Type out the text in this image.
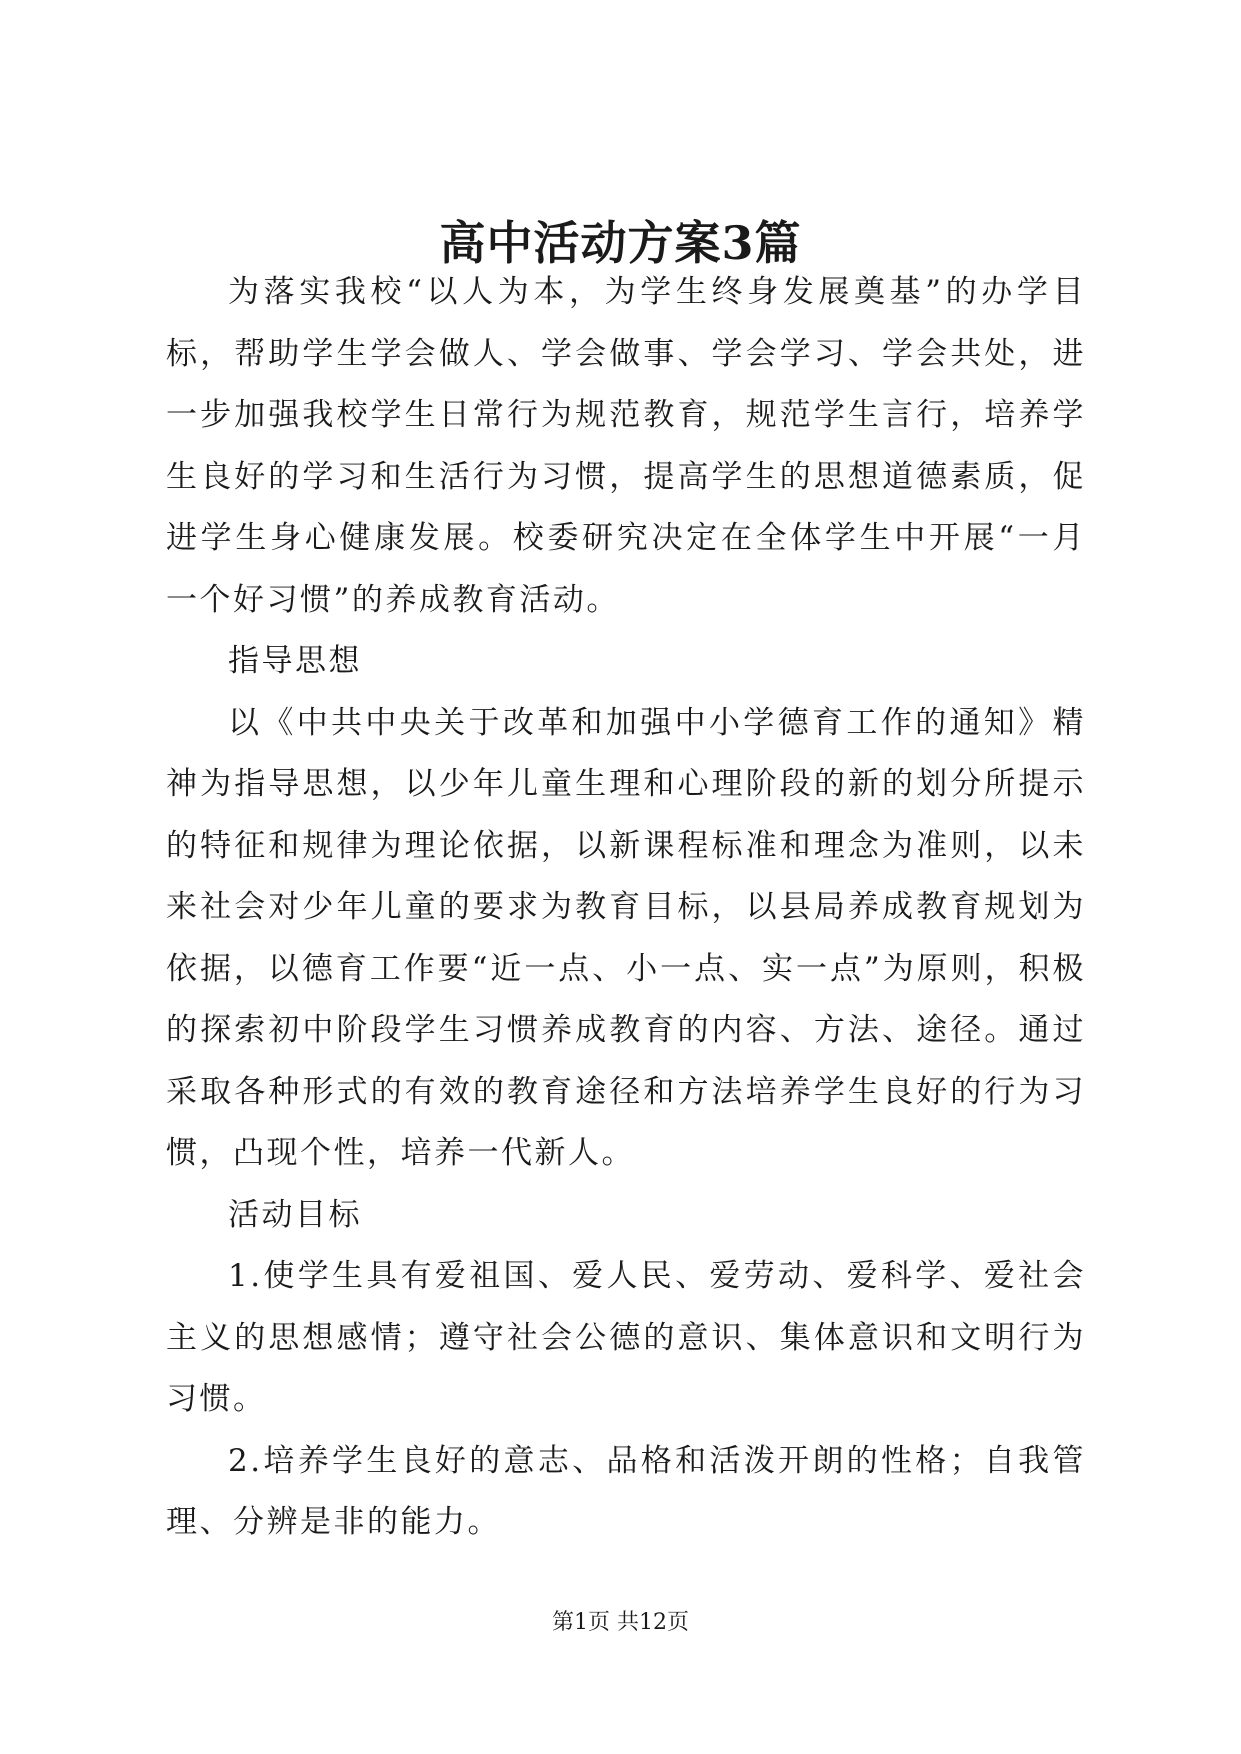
高中活动方案3篇

为落实我校“以人为本，为学生终身发展奠基”的办学目标，帮助学生学会做人、学会做事、学会学习、学会共处，进一步加强我校学生日常行为规范教育，规范学生言行，培养学生良好的学习和生活行为习惯，提高学生的思想道德素质，促进学生身心健康发展。校委研究决定在全体学生中开展“一月一个好习惯”的养成教育活动。

指导思想

以《中共中央关于改革和加强中小学德育工作的通知》精神为指导思想，以少年儿童生理和心理阶段的新的划分所提示的特征和规律为理论依据，以新课程标准和理念为准则，以未来社会对少年儿童的要求为教育目标，以县局养成教育规划为依据，以德育工作要“近一点、小一点、实一点”为原则，积极的探索初中阶段学生习惯养成教育的内容、方法、途径。通过采取各种形式的有效的教育途径和方法培养学生良好的行为习惯，凸现个性，培养一代新人。

活动目标

1.使学生具有爱祖国、爱人民、爱劳动、爱科学、爱社会主义的思想感情；遵守社会公德的意识、集体意识和文明行为习惯。

2.培养学生良好的意志、品格和活泼开朗的性格；自我管理、分辨是非的能力。

第1页 共12页
